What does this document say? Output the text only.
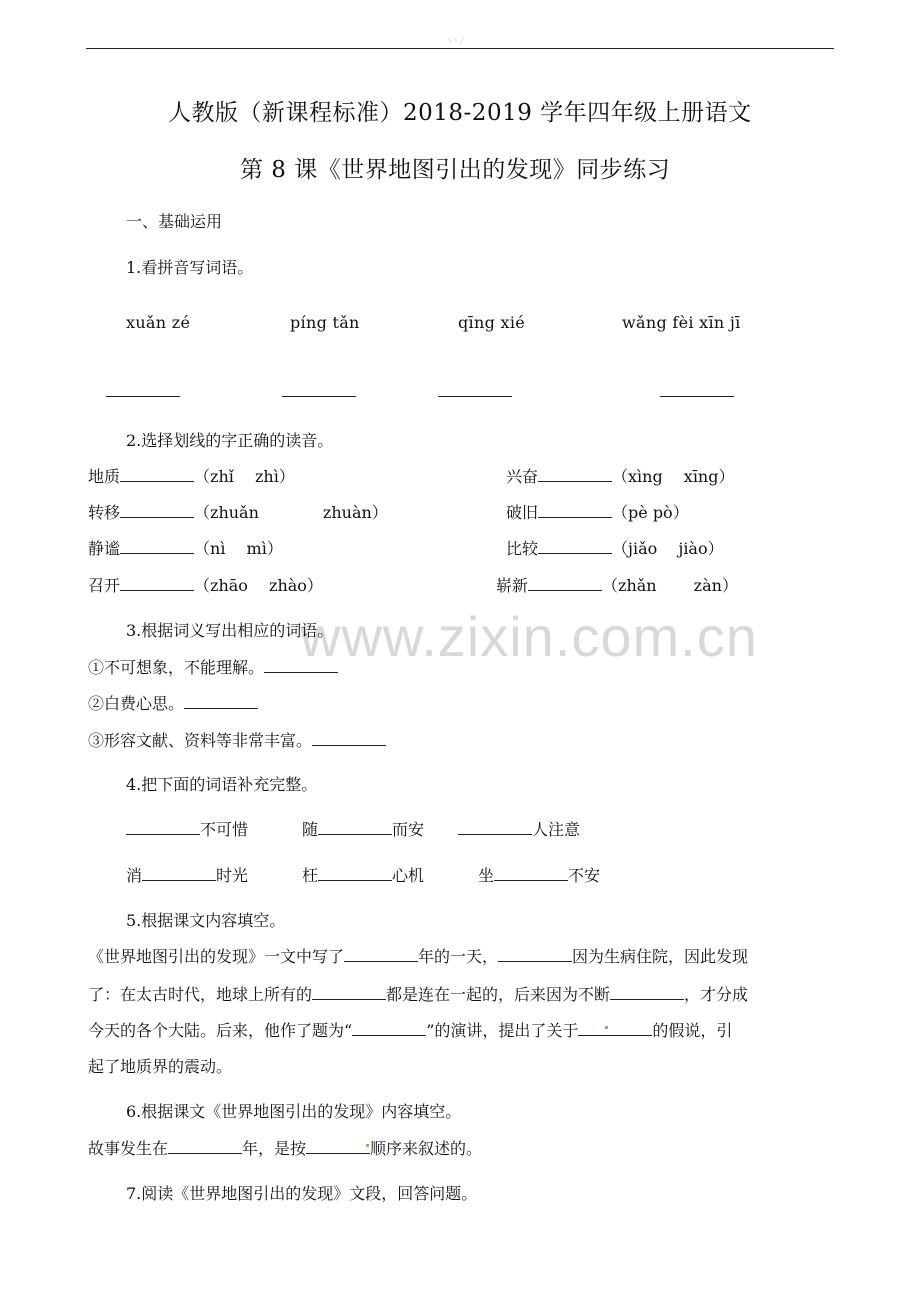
⺍
人教版（新课程标准）2018-2019 学年四年级上册语文
第 8 课《世界地图引出的发现》同步练习
一、基础运用
1.看拼音写词语。
xuǎn zé	píng tǎn	qīng xié	wǎng fèi xīn jī
2.选择划线的字正确的读音。
地质	（zhǐ　 zhì）	兴奋	（xìng　 xīng）
转移	（zhuǎn　　　　zhuàn）	破旧	（pè pò）
静谧	（nì　 mì）	比较	（jiǎo　 jiào）
召开	（zhāo　 zhào）	崭新	（zhǎn　　 zàn）
www.zixin.com.cn
3.根据词义写出相应的词语。
①不可想象，不能理解。
②白费心思。
③形容文献、资料等非常丰富。
4.把下面的词语补充完整。
不可惜	随	而安	人注意
消	时光	枉	心机	坐	不安
5.根据课文内容填空。
《世界地图引出的发现》一文中写了	年的一天，	因为生病住院，因此发现
了：在太古时代，地球上所有的	都是连在一起的，后来因为不断	，才分成
今天的各个大陆。后来，他作了题为“	”的演讲，提出了关于	的假说，引
起了地质界的震动。
6.根据课文《世界地图引出的发现》内容填空。
故事发生在	年，是按	顺序来叙述的。
7.阅读《世界地图引出的发现》文段，回答问题。
